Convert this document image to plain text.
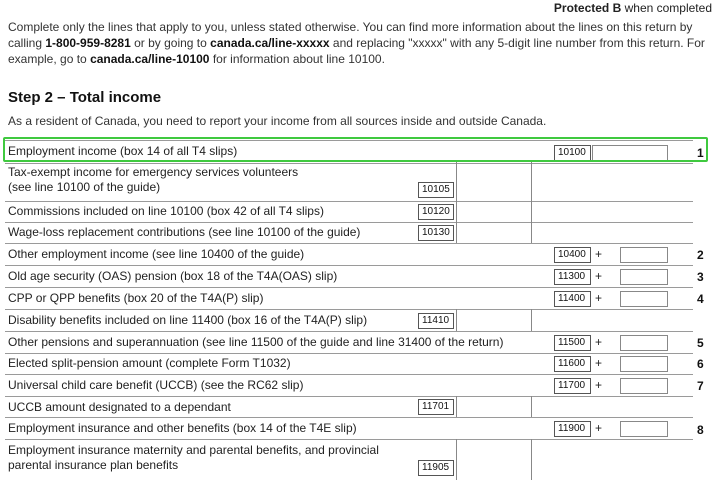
Protected B when completed
Complete only the lines that apply to you, unless stated otherwise. You can find more information about the lines on this return by calling 1-800-959-8281 or by going to canada.ca/line-xxxxx and replacing "xxxxx" with any 5-digit line number from this return. For example, go to canada.ca/line-10100 for information about line 10100.
Step 2 – Total income
As a resident of Canada, you need to report your income from all sources inside and outside Canada.
Employment income (box 14 of all T4 slips)	10100	1
Tax-exempt income for emergency services volunteers
(see line 10100 of the guide)	10105
Commissions included on line 10100 (box 42 of all T4 slips)	10120
Wage-loss replacement contributions (see line 10100 of the guide)	10130
Other employment income (see line 10400 of the guide)	10400 +	2
Old age security (OAS) pension (box 18 of the T4A(OAS) slip)	11300 +	3
CPP or QPP benefits (box 20 of the T4A(P) slip)	11400 +	4
Disability benefits included on line 11400 (box 16 of the T4A(P) slip)	11410
Other pensions and superannuation (see line 11500 of the guide and line 31400 of the return)	11500 +	5
Elected split-pension amount (complete Form T1032)	11600 +	6
Universal child care benefit (UCCB) (see the RC62 slip)	11700 +	7
UCCB amount designated to a dependant	11701
Employment insurance and other benefits (box 14 of the T4E slip)	11900 +	8
Employment insurance maternity and parental benefits, and provincial
parental insurance plan benefits	11905
